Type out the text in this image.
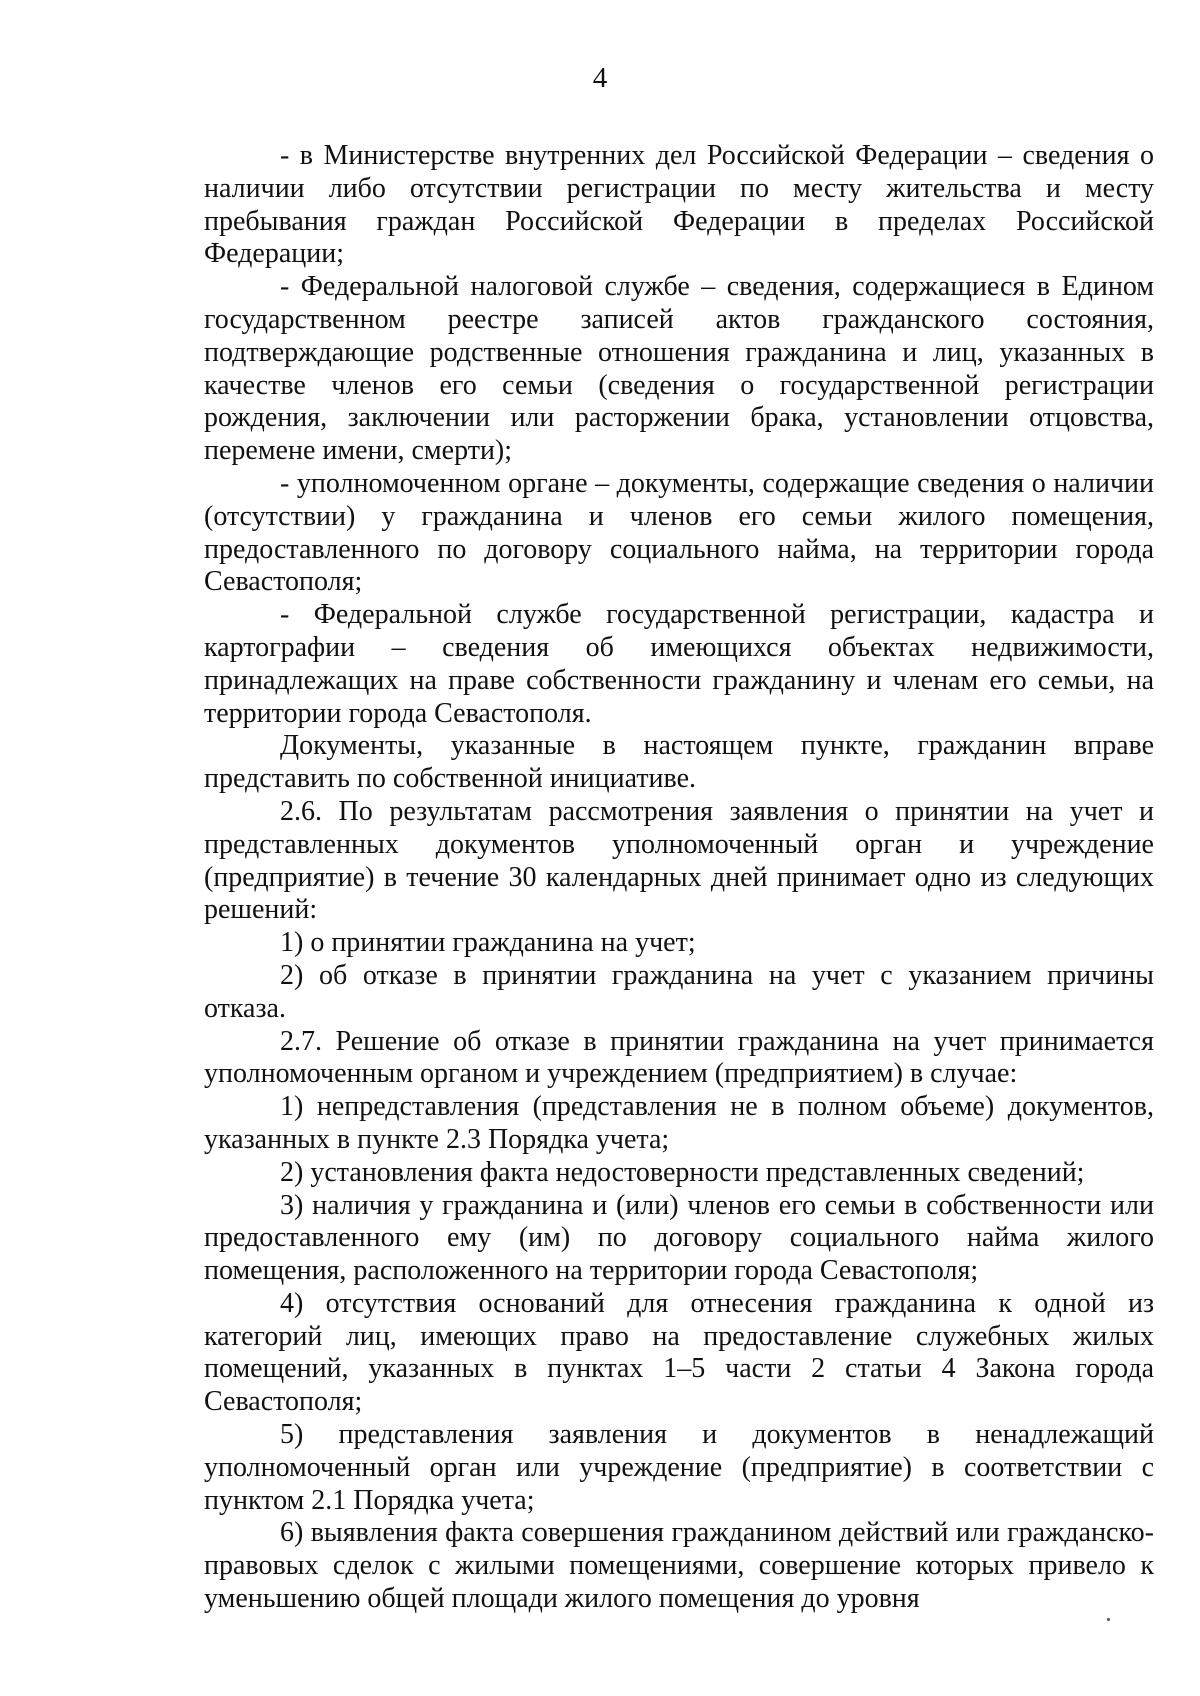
4

- в Министерстве внутренних дел Российской Федерации – сведения о наличии либо отсутствии регистрации по месту жительства и месту пребывания граждан Российской Федерации в пределах Российской Федерации;

- Федеральной налоговой службе – сведения, содержащиеся в Едином государственном реестре записей актов гражданского состояния, подтверждающие родственные отношения гражданина и лиц, указанных в качестве членов его семьи (сведения о государственной регистрации рождения, заключении или расторжении брака, установлении отцовства, перемене имени, смерти);

- уполномоченном органе – документы, содержащие сведения о наличии (отсутствии) у гражданина и членов его семьи жилого помещения, предоставленного по договору социального найма, на территории города Севастополя;

- Федеральной службе государственной регистрации, кадастра и картографии – сведения об имеющихся объектах недвижимости, принадлежащих на праве собственности гражданину и членам его семьи, на территории города Севастополя.

Документы, указанные в настоящем пункте, гражданин вправе представить по собственной инициативе.

2.6. По результатам рассмотрения заявления о принятии на учет и представленных документов уполномоченный орган и учреждение (предприятие) в течение 30 календарных дней принимает одно из следующих решений:

1) о принятии гражданина на учет;

2) об отказе в принятии гражданина на учет с указанием причины отказа.

2.7. Решение об отказе в принятии гражданина на учет принимается уполномоченным органом и учреждением (предприятием) в случае:

1) непредставления (представления не в полном объеме) документов, указанных в пункте 2.3 Порядка учета;

2) установления факта недостоверности представленных сведений;

3) наличия у гражданина и (или) членов его семьи в собственности или предоставленного ему (им) по договору социального найма жилого помещения, расположенного на территории города Севастополя;

4) отсутствия оснований для отнесения гражданина к одной из категорий лиц, имеющих право на предоставление служебных жилых помещений, указанных в пунктах 1–5 части 2 статьи 4 Закона города Севастополя;

5) представления заявления и документов в ненадлежащий уполномоченный орган или учреждение (предприятие) в соответствии с пунктом 2.1 Порядка учета;

6) выявления факта совершения гражданином действий или гражданско-правовых сделок с жилыми помещениями, совершение которых привело к уменьшению общей площади жилого помещения до уровня
